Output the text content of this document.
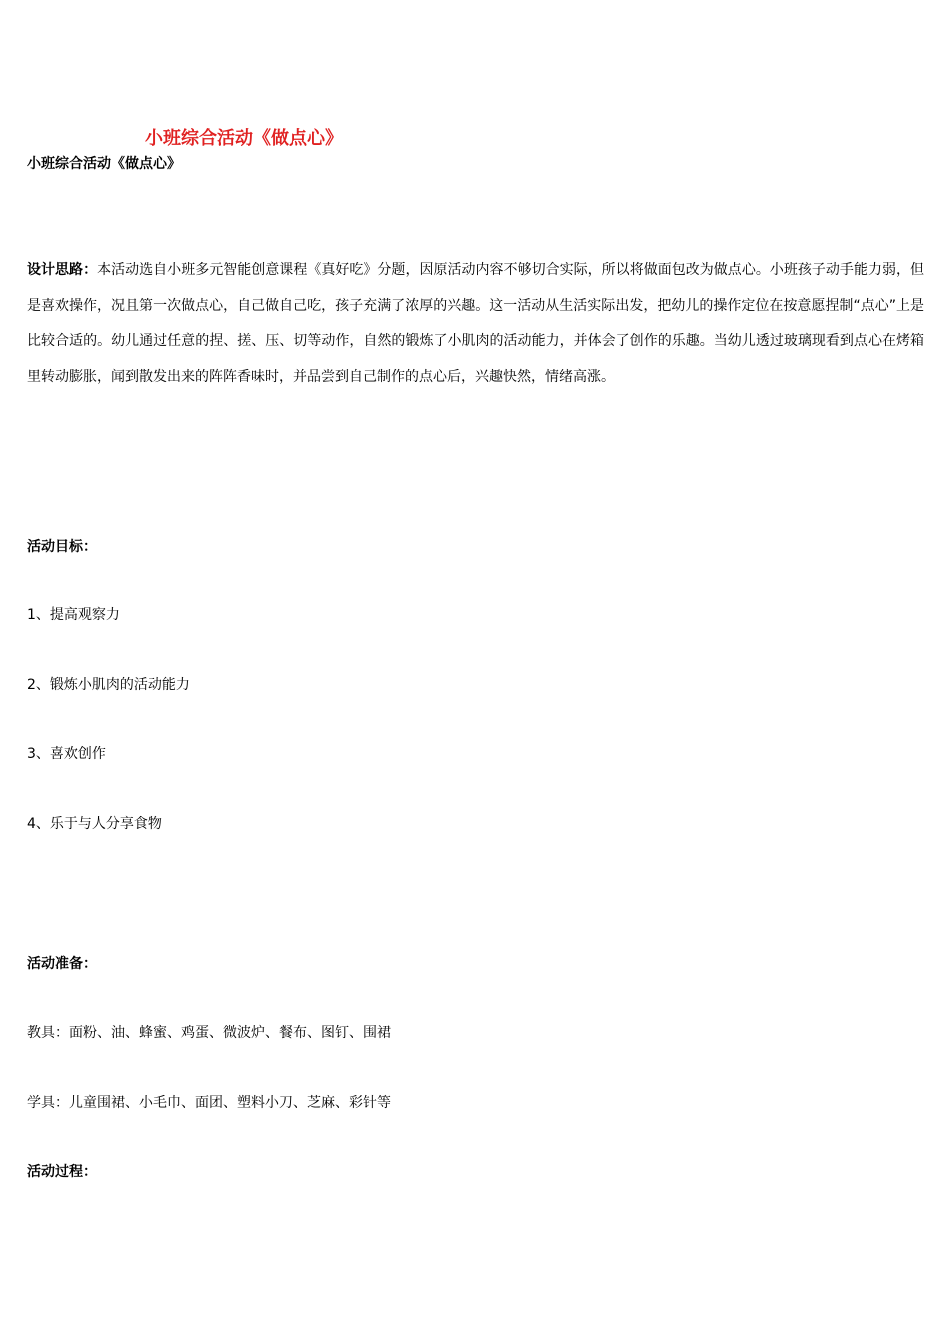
小班综合活动《做点心》
小班综合活动《做点心》
设计思路：本活动选自小班多元智能创意课程《真好吃》分题，因原活动内容不够切合实际，所以将做面包改为做点心。小班孩子动手能力弱，但是喜欢操作，况且第一次做点心，自己做自己吃，孩子充满了浓厚的兴趣。这一活动从生活实际出发，把幼儿的操作定位在按意愿捏制“点心”上是比较合适的。幼儿通过任意的捏、搓、压、切等动作，自然的锻炼了小肌肉的活动能力，并体会了创作的乐趣。当幼儿透过玻璃现看到点心在烤箱里转动膨胀，闻到散发出来的阵阵香味时，并品尝到自己制作的点心后，兴趣快然，情绪高涨。
活动目标：
1、提高观察力
2、锻炼小肌肉的活动能力
3、喜欢创作
4、乐于与人分享食物
活动准备：
教具：面粉、油、蜂蜜、鸡蛋、微波炉、餐布、图钉、围裙
学具：儿童围裙、小毛巾、面团、塑料小刀、芝麻、彩针等
活动过程：
